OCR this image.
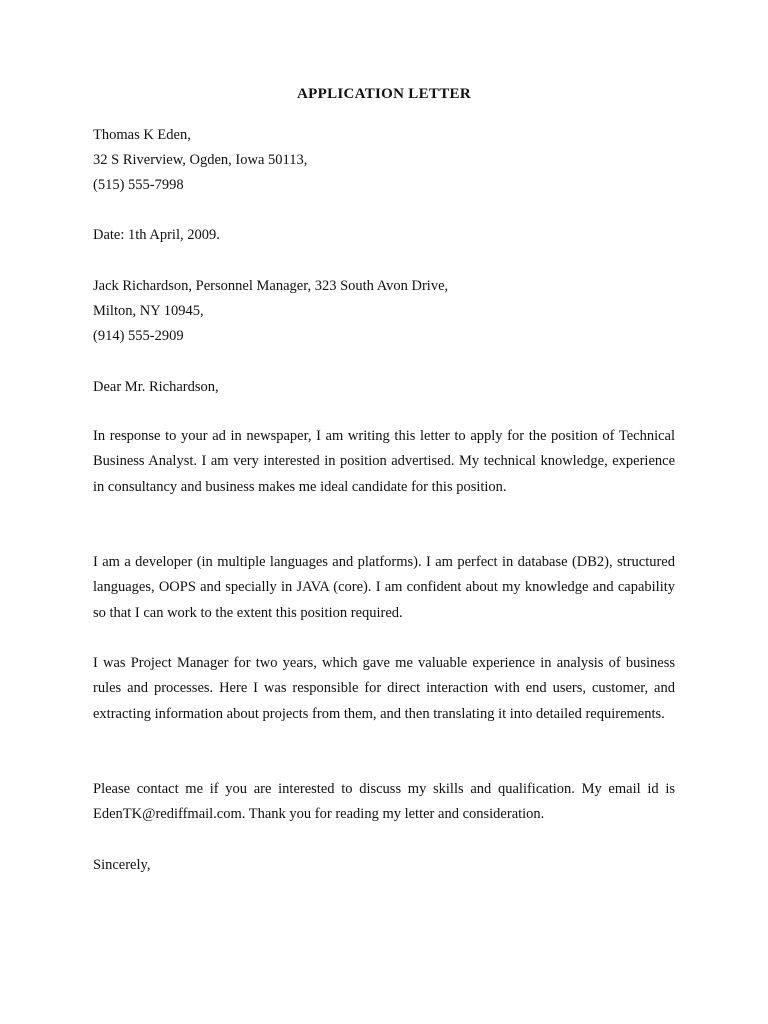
APPLICATION LETTER
Thomas K Eden,
32 S Riverview, Ogden, Iowa 50113,
(515) 555-7998
Date: 1th April, 2009.
Jack Richardson, Personnel Manager, 323 South Avon Drive,
Milton, NY 10945,
(914) 555-2909
Dear Mr. Richardson,
In response to your ad in newspaper, I am writing this letter to apply for the position of Technical Business Analyst. I am very interested in position advertised. My technical knowledge, experience in consultancy and business makes me ideal candidate for this position.
I am a developer (in multiple languages and platforms). I am perfect in database (DB2), structured languages, OOPS and specially in JAVA (core). I am confident about my knowledge and capability so that I can work to the extent this position required.
I was Project Manager for two years, which gave me valuable experience in analysis of business rules and processes. Here I was responsible for direct interaction with end users, customer, and extracting information about projects from them, and then translating it into detailed requirements.
Please contact me if you are interested to discuss my skills and qualification. My email id is EdenTK@rediffmail.com. Thank you for reading my letter and consideration.
Sincerely,
